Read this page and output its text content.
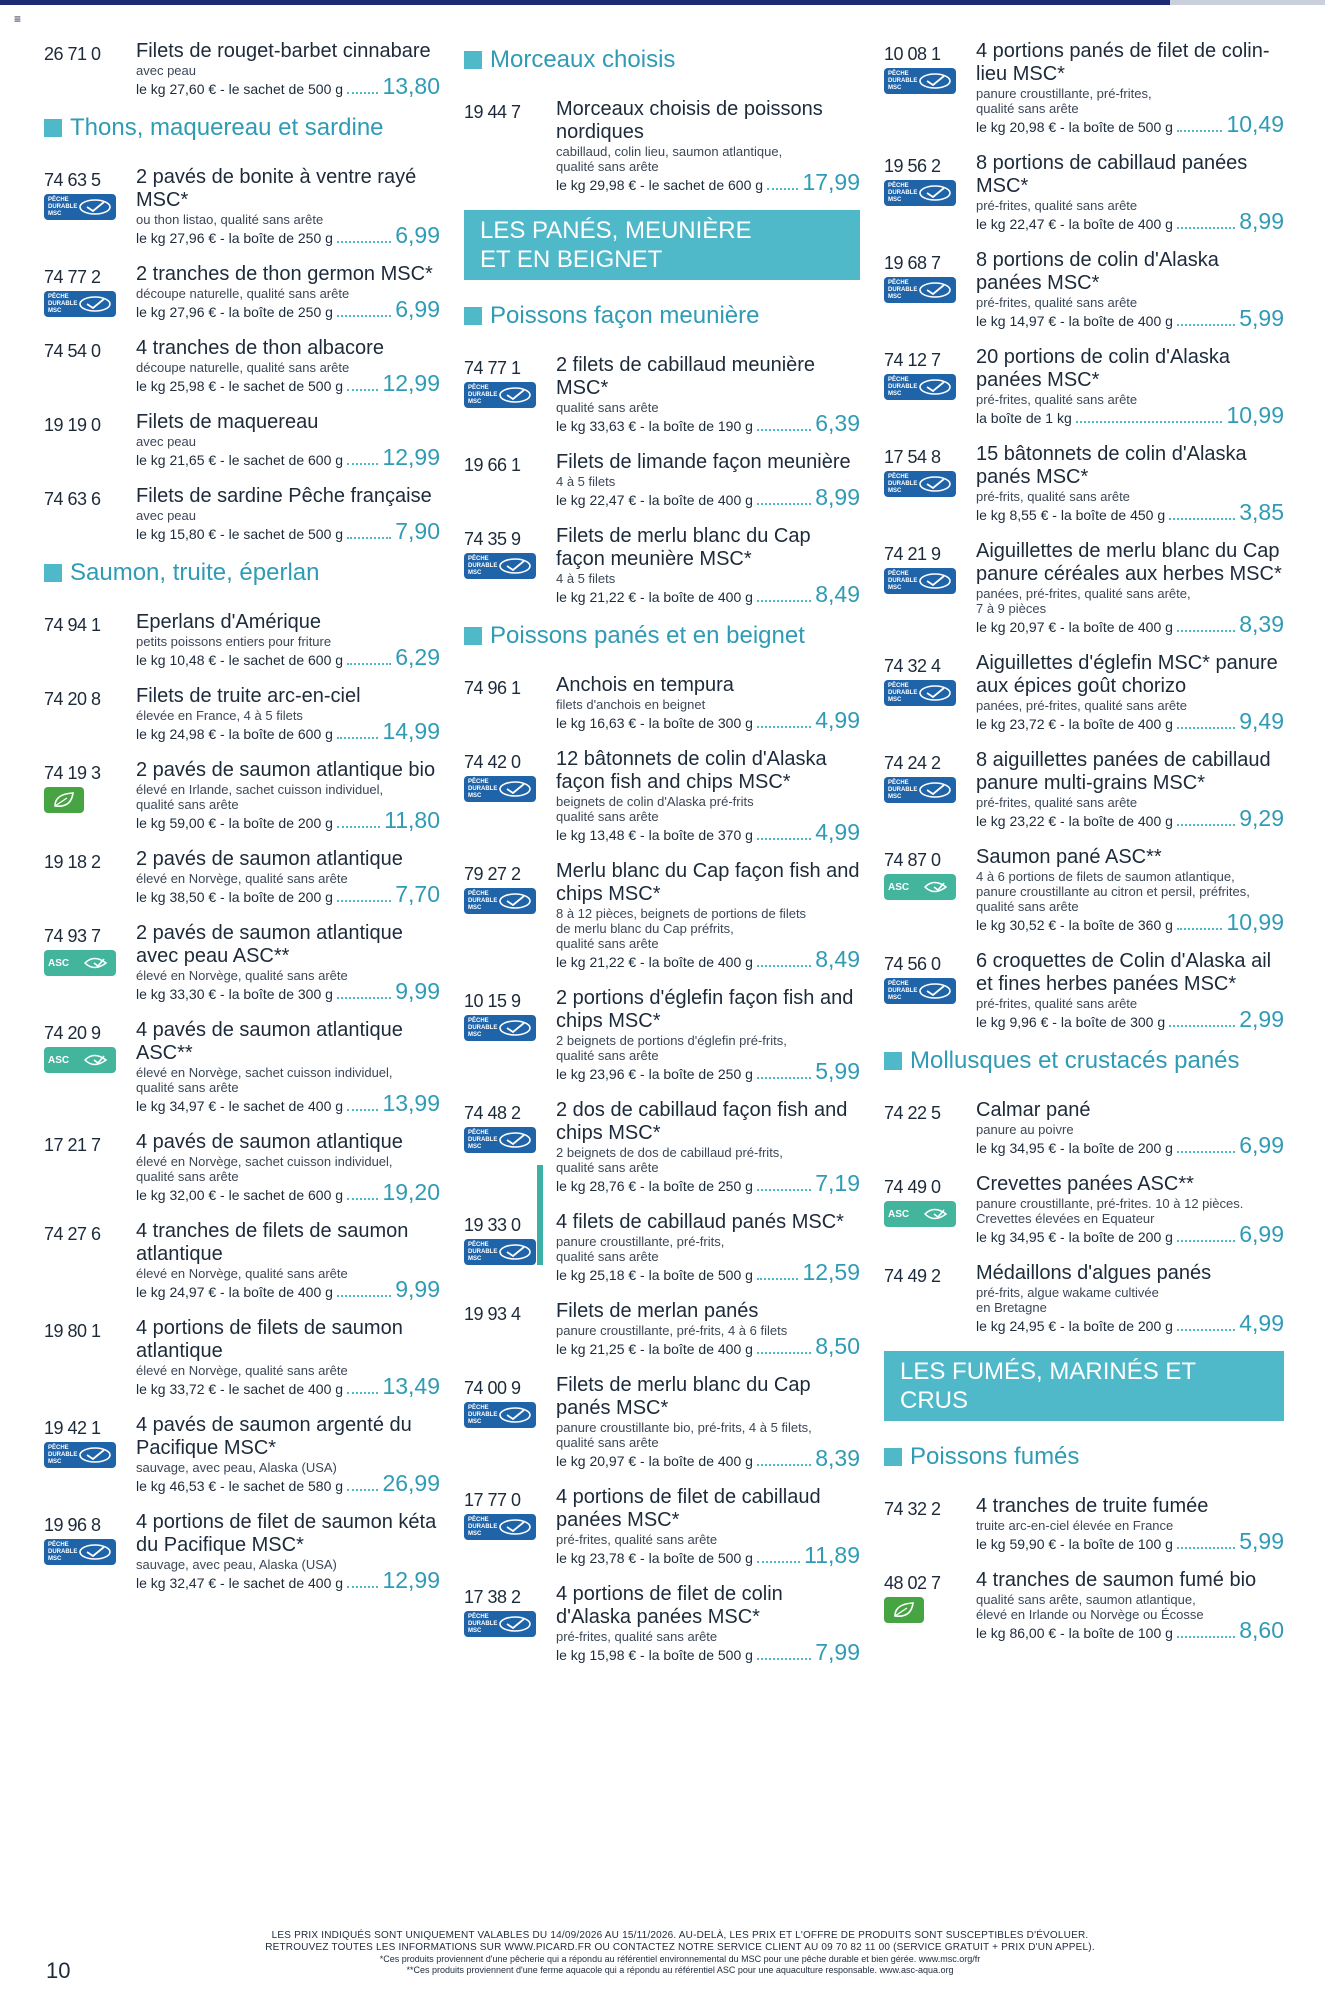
≡
26 71 0	Filets de rouget-barbet cinnabare
avec peau
le kg 27,60 € - le sachet de 500 g 13,80
Thons, maquereau et sardine
74 63 5
PÊCHE
DURABLE
MSC
2 pavés de bonite à ventre rayé MSC*
ou thon listao, qualité sans arête
le kg 27,96 € - la boîte de 250 g	6,99
74 77 2
PÊCHE
DURABLE
MSC
2 tranches de thon germon MSC*
découpe naturelle, qualité sans arête
le kg 27,96 € - la boîte de 250 g	6,99
74 54 0	4 tranches de thon albacore
découpe naturelle, qualité sans arête
le kg 25,98 € - le sachet de 500 g 12,99
19 19 0	Filets de maquereau
avec peau
le kg 21,65 € - le sachet de 600 g 12,99
74 63 6	Filets de sardine Pêche française
avec peau
le kg 15,80 € - le sachet de 500 g 7,90
Saumon, truite, éperlan
74 94 1	Eperlans d'Amérique
petits poissons entiers pour friture
le kg 10,48 € - le sachet de 600 g 6,29
74 20 8	Filets de truite arc-en-ciel
élevée en France, 4 à 5 filets
le kg 24,98 € - la boîte de 600 g 14,99
74 19 3	2 pavés de saumon atlantique bio
élevé en Irlande, sachet cuisson individuel,
qualité sans arête
le kg 59,00 € - la boîte de 200 g 11,80
19 18 2	2 pavés de saumon atlantique
élevé en Norvège, qualité sans arête
le kg 38,50 € - la boîte de 200 g	7,70
74 93 7
ASC
2 pavés de saumon atlantique avec peau ASC**
élevé en Norvège, qualité sans arête
le kg 33,30 € - la boîte de 300 g	9,99
74 20 9
ASC
4 pavés de saumon atlantique ASC**
élevé en Norvège, sachet cuisson individuel,
qualité sans arête
le kg 34,97 € - le sachet de 400 g 13,99
17 21 7	4 pavés de saumon atlantique
élevé en Norvège, sachet cuisson individuel,
qualité sans arête
le kg 32,00 € - le sachet de 600 g 19,20
74 27 6	4 tranches de filets de saumon atlantique
élevé en Norvège, qualité sans arête
le kg 24,97 € - la boîte de 400 g	9,99
19 80 1	4 portions de filets de saumon atlantique
élevé en Norvège, qualité sans arête
le kg 33,72 € - le sachet de 400 g 13,49
19 42 1
PÊCHE
DURABLE
MSC
4 pavés de saumon argenté du Pacifique MSC*
sauvage, avec peau, Alaska (USA)
le kg 46,53 € - le sachet de 580 g 26,99
19 96 8
PÊCHE
DURABLE
MSC
4 portions de filet de saumon kéta du Pacifique MSC*
sauvage, avec peau, Alaska (USA)
le kg 32,47 € - le sachet de 400 g 12,99
Morceaux choisis
19 44 7	Morceaux choisis de poissons nordiques
cabillaud, colin lieu, saumon atlantique,
qualité sans arête
le kg 29,98 € - le sachet de 600 g 17,99
LES PANÉS, MEUNIÈRE
ET EN BEIGNET
Poissons façon meunière
74 77 1
PÊCHE
DURABLE
MSC
2 filets de cabillaud meunière MSC*
qualité sans arête
le kg 33,63 € - la boîte de 190 g	6,39
19 66 1	Filets de limande façon meunière
4 à 5 filets
le kg 22,47 € - la boîte de 400 g	8,99
74 35 9
PÊCHE
DURABLE
MSC
Filets de merlu blanc du Cap façon meunière MSC*
4 à 5 filets
le kg 21,22 € - la boîte de 400 g	8,49
Poissons panés et en beignet
74 96 1	Anchois en tempura
filets d'anchois en beignet
le kg 16,63 € - la boîte de 300 g	4,99
74 42 0
PÊCHE
DURABLE
MSC
12 bâtonnets de colin d'Alaska façon fish and chips MSC*
beignets de colin d'Alaska pré-frits
qualité sans arête
le kg 13,48 € - la boîte de 370 g	4,99
79 27 2
PÊCHE
DURABLE
MSC
Merlu blanc du Cap façon fish and chips MSC*
8 à 12 pièces, beignets de portions de filets
de merlu blanc du Cap préfrits,
qualité sans arête
le kg 21,22 € - la boîte de 400 g	8,49
10 15 9
PÊCHE
DURABLE
MSC
2 portions d'églefin façon fish and chips MSC*
2 beignets de portions d'églefin pré-frits,
qualité sans arête
le kg 23,96 € - la boîte de 250 g	5,99
74 48 2
PÊCHE
DURABLE
MSC
2 dos de cabillaud façon fish and chips MSC*
2 beignets de dos de cabillaud pré-frits,
qualité sans arête
le kg 28,76 € - la boîte de 250 g	7,19
19 33 0
PÊCHE
DURABLE
MSC
4 filets de cabillaud panés MSC*
panure croustillante, pré-frits,
qualité sans arête
le kg 25,18 € - la boîte de 500 g 12,59
19 93 4	Filets de merlan panés
panure croustillante, pré-frits, 4 à 6 filets
le kg 21,25 € - la boîte de 400 g	8,50
74 00 9
PÊCHE
DURABLE
MSC
Filets de merlu blanc du Cap panés MSC*
panure croustillante bio, pré-frits, 4 à 5 filets,
qualité sans arête
le kg 20,97 € - la boîte de 400 g	8,39
17 77 0
PÊCHE
DURABLE
MSC
4 portions de filet de cabillaud panées MSC*
pré-frites, qualité sans arête
le kg 23,78 € - la boîte de 500 g 11,89
17 38 2
PÊCHE
DURABLE
MSC
4 portions de filet de colin d'Alaska panées MSC*
pré-frites, qualité sans arête
le kg 15,98 € - la boîte de 500 g	7,99
10 08 1
PÊCHE
DURABLE
MSC
4 portions panés de filet de colin-lieu MSC*
panure croustillante, pré-frites,
qualité sans arête
le kg 20,98 € - la boîte de 500 g 10,49
19 56 2
PÊCHE
DURABLE
MSC
8 portions de cabillaud panées MSC*
pré-frites, qualité sans arête
le kg 22,47 € - la boîte de 400 g	8,99
19 68 7
PÊCHE
DURABLE
MSC
8 portions de colin d'Alaska panées MSC*
pré-frites, qualité sans arête
le kg 14,97 € - la boîte de 400 g	5,99
74 12 7
PÊCHE
DURABLE
MSC
20 portions de colin d'Alaska panées MSC*
pré-frites, qualité sans arête
la boîte de 1 kg	10,99
17 54 8
PÊCHE
DURABLE
MSC
15 bâtonnets de colin d'Alaska panés MSC*
pré-frits, qualité sans arête
le kg 8,55 € - la boîte de 450 g	3,85
74 21 9
PÊCHE
DURABLE
MSC
Aiguillettes de merlu blanc du Cap panure céréales aux herbes MSC*
panées, pré-frites, qualité sans arête,
7 à 9 pièces
le kg 20,97 € - la boîte de 400 g	8,39
74 32 4
PÊCHE
DURABLE
MSC
Aiguillettes d'églefin MSC* panure aux épices goût chorizo
panées, pré-frites, qualité sans arête
le kg 23,72 € - la boîte de 400 g	9,49
74 24 2
PÊCHE
DURABLE
MSC
8 aiguillettes panées de cabillaud panure multi-grains MSC*
pré-frites, qualité sans arête
le kg 23,22 € - la boîte de 400 g	9,29
74 87 0
ASC
Saumon pané ASC**
4 à 6 portions de filets de saumon atlantique,
panure croustillante au citron et persil, préfrites,
qualité sans arête
le kg 30,52 € - la boîte de 360 g 10,99
74 56 0
PÊCHE
DURABLE
MSC
6 croquettes de Colin d'Alaska ail et fines herbes panées MSC*
pré-frites, qualité sans arête
le kg 9,96 € - la boîte de 300 g	2,99
Mollusques et crustacés panés
74 22 5	Calmar pané
panure au poivre
le kg 34,95 € - la boîte de 200 g	6,99
74 49 0
ASC
Crevettes panées ASC**
panure croustillante, pré-frites. 10 à 12 pièces.
Crevettes élevées en Equateur
le kg 34,95 € - la boîte de 200 g	6,99
74 49 2	Médaillons d'algues panés
pré-frits, algue wakame cultivée
en Bretagne
le kg 24,95 € - la boîte de 200 g	4,99
LES FUMÉS, MARINÉS ET CRUS
Poissons fumés
74 32 2	4 tranches de truite fumée
truite arc-en-ciel élevée en France
le kg 59,90 € - la boîte de 100 g	5,99
48 02 7	4 tranches de saumon fumé bio
qualité sans arête, saumon atlantique,
élevé en Irlande ou Norvège ou Écosse
le kg 86,00 € - la boîte de 100 g	8,60
LES PRIX INDIQUÉS SONT UNIQUEMENT VALABLES DU 14/09/2026 AU 15/11/2026. AU-DELÀ, LES PRIX ET L'OFFRE DE PRODUITS SONT SUSCEPTIBLES D'ÉVOLUER.
RETROUVEZ TOUTES LES INFORMATIONS SUR WWW.PICARD.FR OU CONTACTEZ NOTRE SERVICE CLIENT AU 09 70 82 11 00 (SERVICE GRATUIT + PRIX D'UN APPEL).
*Ces produits proviennent d'une pêcherie qui a répondu au référentiel environnemental du MSC pour une pêche durable et bien gérée. www.msc.org/fr
**Ces produits proviennent d'une ferme aquacole qui a répondu au référentiel ASC pour une aquaculture responsable. www.asc-aqua.org
10
